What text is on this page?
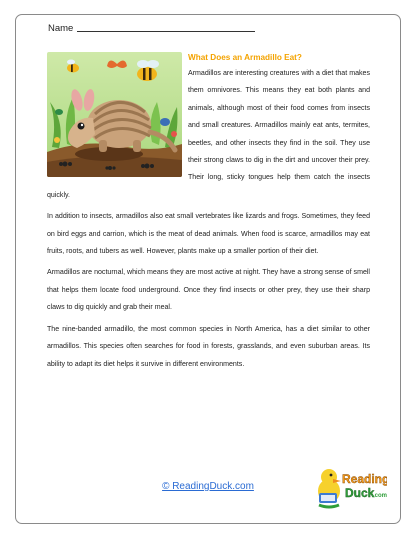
Name
What Does an Armadillo Eat?

Armadillos are interesting creatures with a diet that makes them omnivores. This means they eat both plants and animals, although most of their food comes from insects and small creatures. Armadillos mainly eat ants, termites, beetles, and other insects they find in the soil. They use their strong claws to dig in the dirt and uncover their prey. Their long, sticky tongues help them catch the insects quickly.

In addition to insects, armadillos also eat small vertebrates like lizards and frogs. Sometimes, they feed on bird eggs and carrion, which is the meat of dead animals. When food is scarce, armadillos may eat fruits, roots, and tubers as well. However, plants make up a smaller portion of their diet.

Armadillos are nocturnal, which means they are most active at night. They have a strong sense of smell that helps them locate food underground. Once they find insects or other prey, they use their sharp claws to dig quickly and grab their meal.

The nine-banded armadillo, the most common species in North America, has a diet similar to other armadillos. This species often searches for food in forests, grasslands, and even suburban areas. Its ability to adapt its diet helps it survive in different environments.

© ReadingDuck.com
Reading
Duck
.com
